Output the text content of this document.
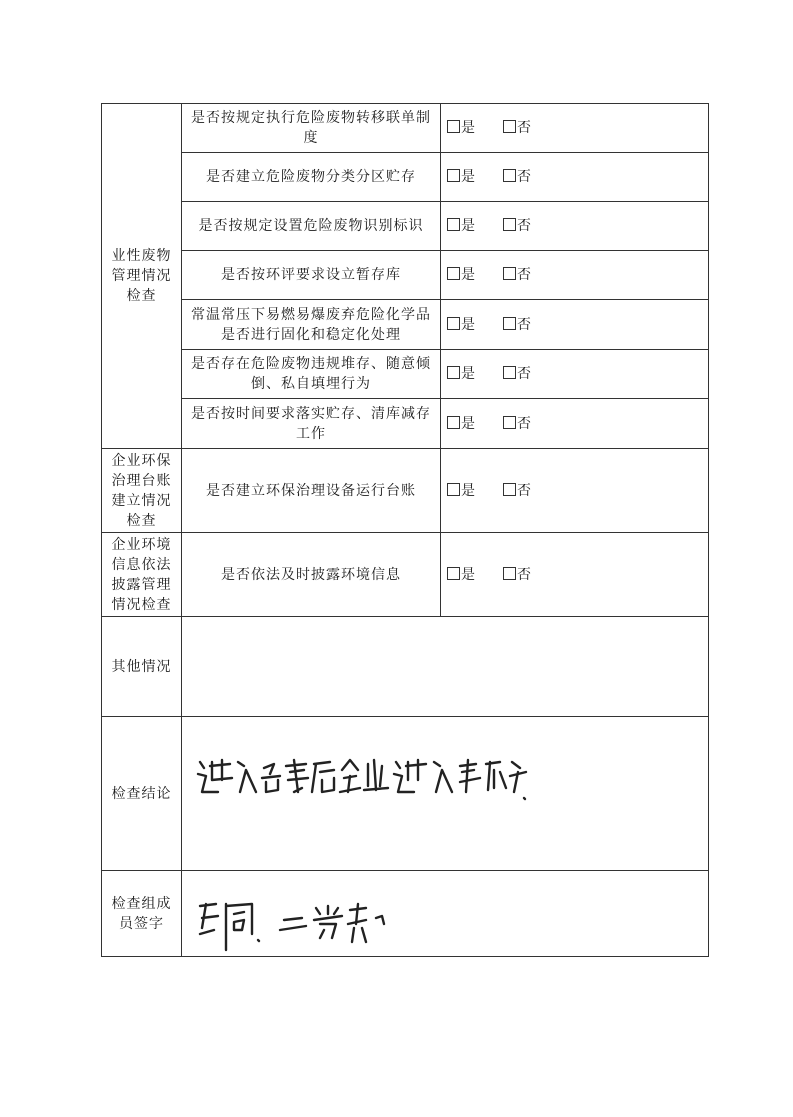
业性废物管理情况检查	是否按规定执行危险废物转移联单制度	是 否
	是否建立危险废物分类分区贮存	是 否
	是否按规定设置危险废物识别标识	是 否
	是否按环评要求设立暂存库	是 否
	常温常压下易燃易爆废弃危险化学品是否进行固化和稳定化处理	是 否
	是否存在危险废物违规堆存、随意倾倒、私自填埋行为	是 否
	是否按时间要求落实贮存、清库减存工作	是 否
企业环保治理台账建立情况检查	是否建立环保治理设备运行台账	是 否
企业环境信息依法披露管理情况检查	是否依法及时披露环境信息	是 否
其他情况		
检查结论		
检查组成员签字		
